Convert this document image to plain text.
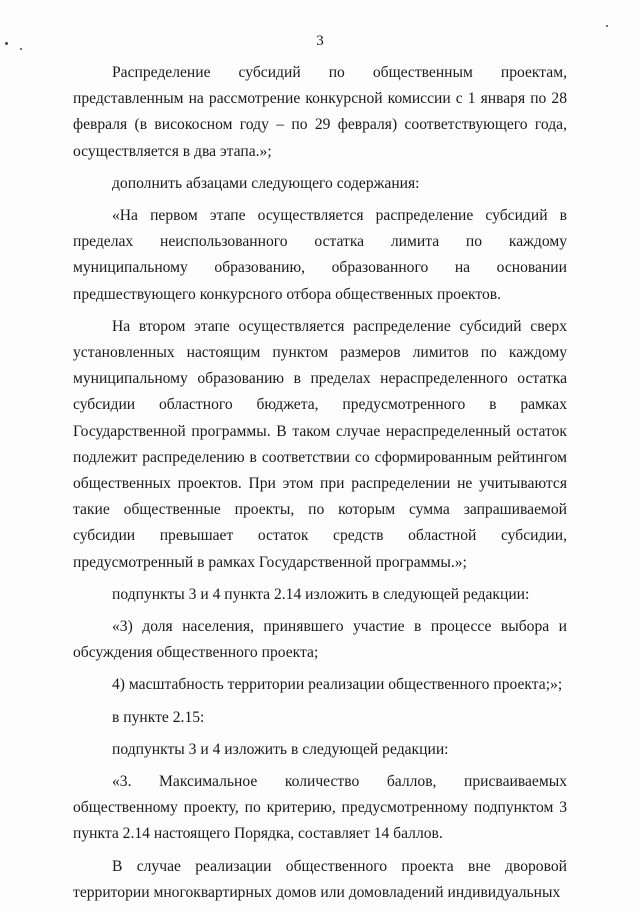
3

Распределение субсидий по общественным проектам, представленным на рассмотрение конкурсной комиссии с 1 января по 28 февраля (в високосном году – по 29 февраля) соответствующего года, осуществляется в два этапа.»;

дополнить абзацами следующего содержания:

«На первом этапе осуществляется распределение субсидий в пределах неиспользованного остатка лимита по каждому муниципальному образованию, образованного на основании предшествующего конкурсного отбора общественных проектов.

На втором этапе осуществляется распределение субсидий сверх установленных настоящим пунктом размеров лимитов по каждому муниципальному образованию в пределах нераспределенного остатка субсидии областного бюджета, предусмотренного в рамках Государственной программы. В таком случае нераспределенный остаток подлежит распределению в соответствии со сформированным рейтингом общественных проектов. При этом при распределении не учитываются такие общественные проекты, по которым сумма запрашиваемой субсидии превышает остаток средств областной субсидии, предусмотренный в рамках Государственной программы.»;

подпункты 3 и 4 пункта 2.14 изложить в следующей редакции:

«3) доля населения, принявшего участие в процессе выбора и обсуждения общественного проекта;

4) масштабность территории реализации общественного проекта;»;

в пункте 2.15:

подпункты 3 и 4 изложить в следующей редакции:

«3. Максимальное количество баллов, присваиваемых общественному проекту, по критерию, предусмотренному подпунктом 3 пункта 2.14 настоящего Порядка, составляет 14 баллов.

В случае реализации общественного проекта вне дворовой территории многоквартирных домов или домовладений индивидуальных
